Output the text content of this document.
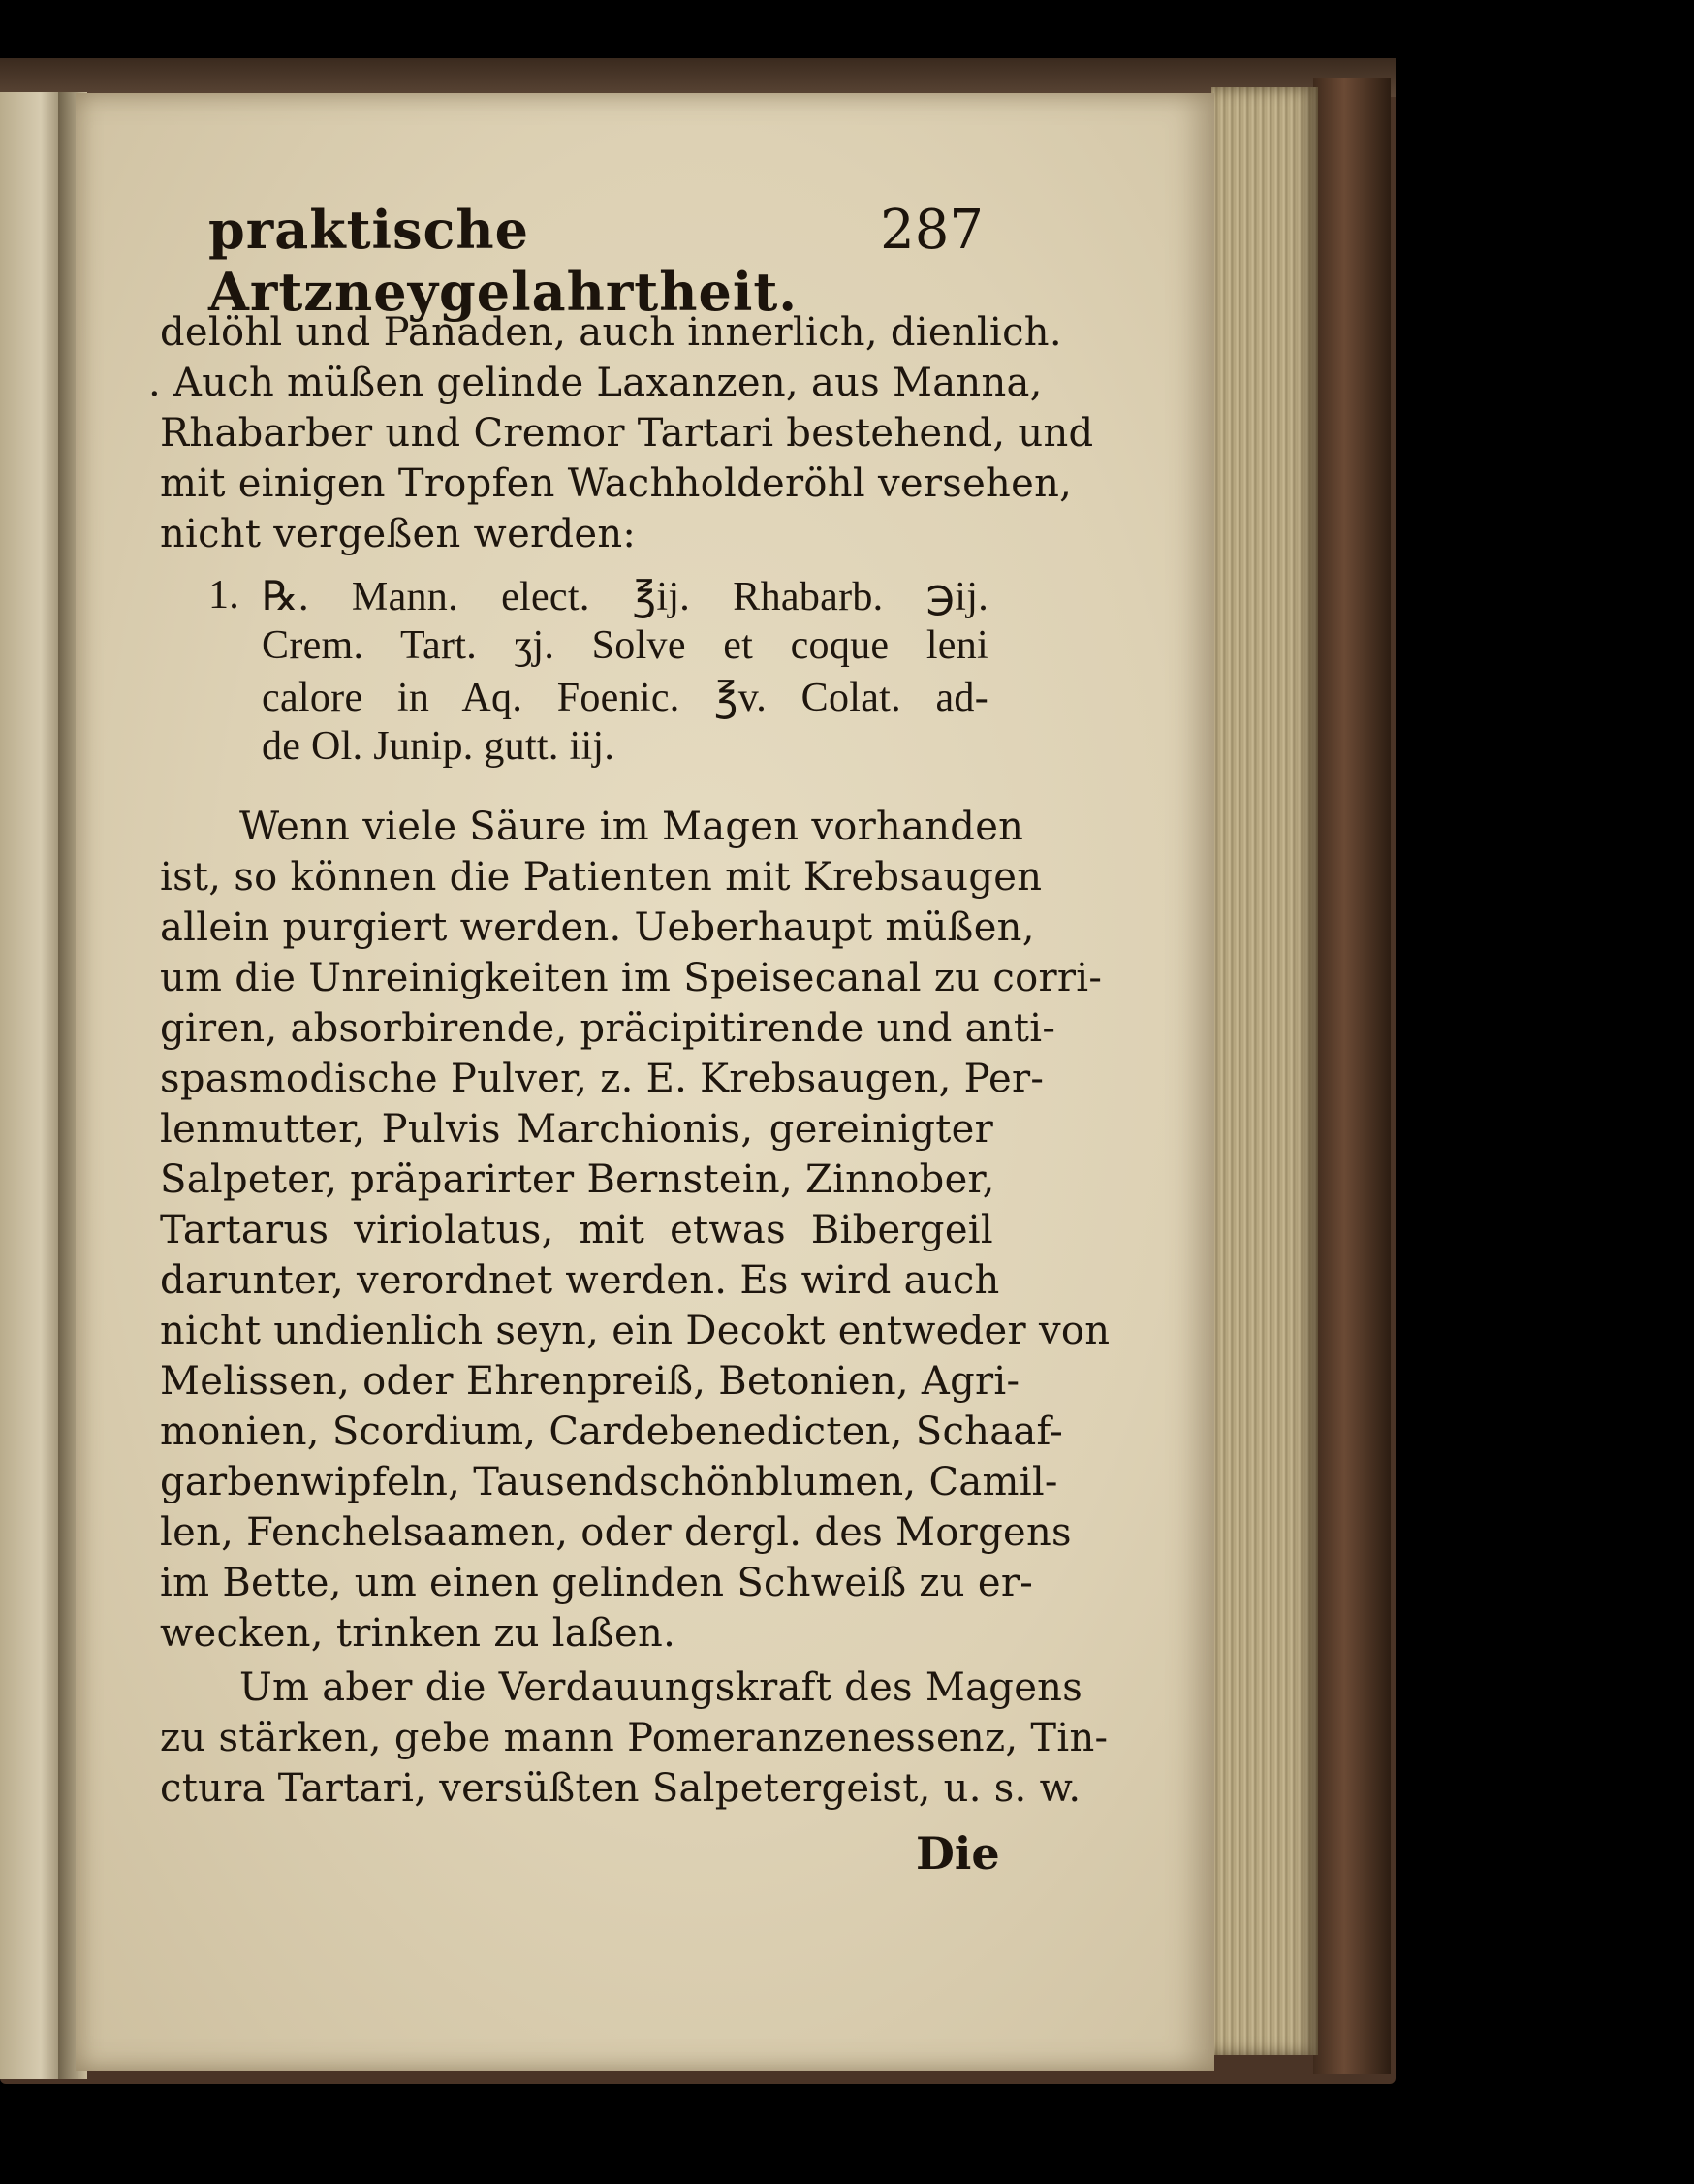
praktische Artzneygelahrtheit.
287
delöhl und Panaden, auch innerlich, dienlich.
. Auch müßen gelinde Laxanzen, aus Manna,
Rhabarber und Cremor Tartari bestehend, und
mit einigen Tropfen Wachholderöhl versehen,
nicht vergeßen werden:
1. ℞. Mann. elect. ℥ij. Rhabarb. ℈ij.
Crem. Tart. ʒj. Solve et coque leni
calore in Aq. Foenic. ℥v. Colat. ad-
de Ol. Junip. gutt. iij.
Wenn viele Säure im Magen vorhanden
ist, so können die Patienten mit Krebsaugen
allein purgiert werden. Ueberhaupt müßen,
um die Unreinigkeiten im Speisecanal zu corri-
giren, absorbirende, präcipitirende und anti-
spasmodische Pulver, z. E. Krebsaugen, Per-
lenmutter, Pulvis Marchionis, gereinigter
Salpeter, präparirter Bernstein, Zinnober,
Tartarus viriolatus, mit etwas Bibergeil
darunter, verordnet werden. Es wird auch
nicht undienlich seyn, ein Decokt entweder von
Melissen, oder Ehrenpreiß, Betonien, Agri-
monien, Scordium, Cardebenedicten, Schaaf-
garbenwipfeln, Tausendschönblumen, Camil-
len, Fenchelsaamen, oder dergl. des Morgens
im Bette, um einen gelinden Schweiß zu er-
wecken, trinken zu laßen.
Um aber die Verdauungskraft des Magens
zu stärken, gebe mann Pomeranzenessenz, Tin-
ctura Tartari, versüßten Salpetergeist, u. s. w.
Die
